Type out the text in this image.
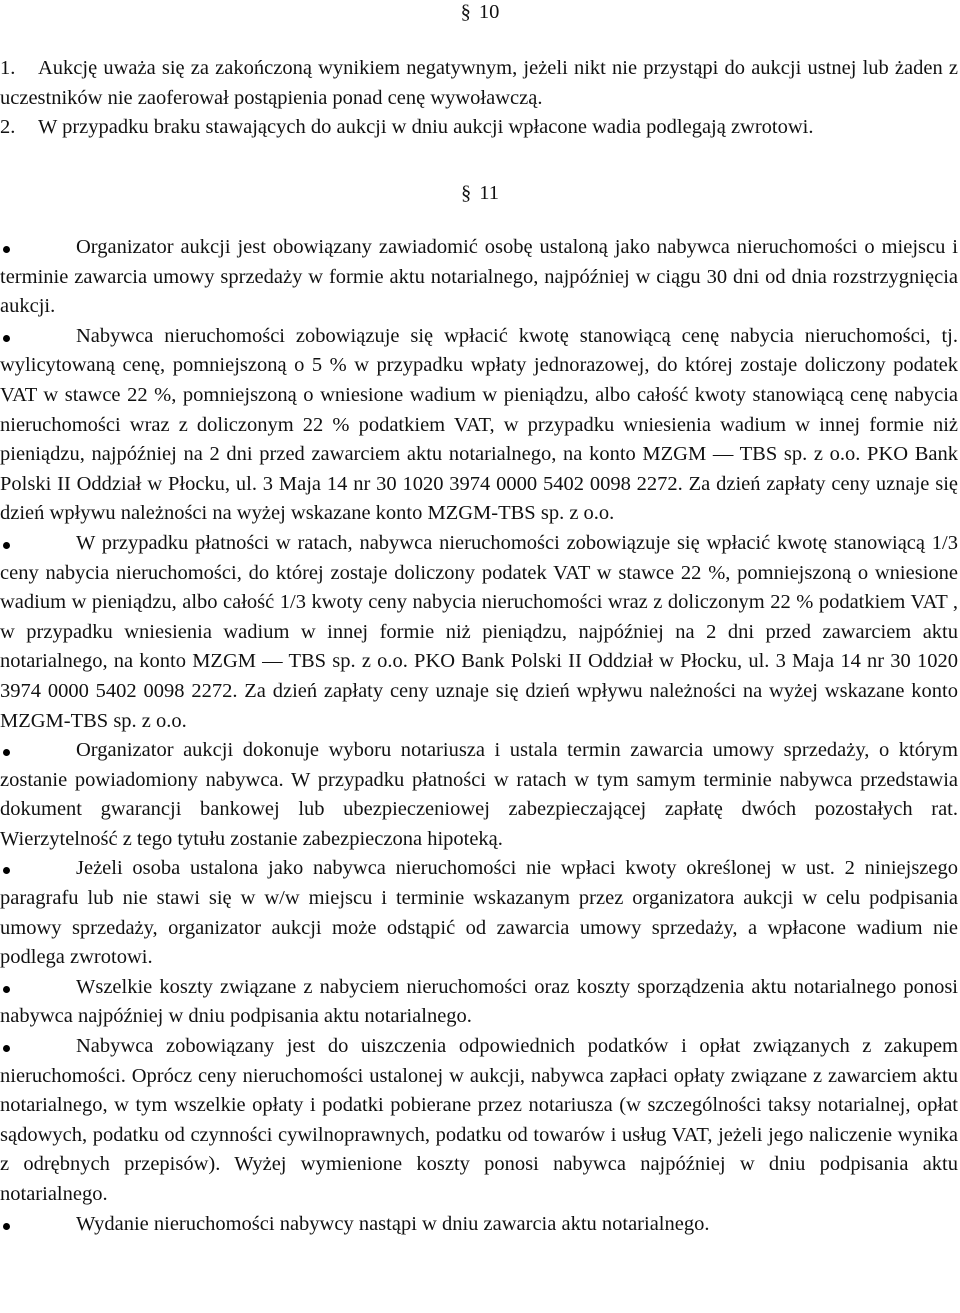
§ 10

1. Aukcję uważa się za zakończoną wynikiem negatywnym, jeżeli nikt nie przystąpi do aukcji ustnej lub żaden z uczestników nie zaoferował postąpienia ponad cenę wywoławczą.

2. W przypadku braku stawających do aukcji w dniu aukcji wpłacone wadia podlegają zwrotowi.

§ 11

Organizator aukcji jest obowiązany zawiadomić osobę ustaloną jako nabywca nieruchomości o miejscu i terminie zawarcia umowy sprzedaży w formie aktu notarialnego, najpóźniej w ciągu 30 dni od dnia rozstrzygnięcia aukcji.

Nabywca nieruchomości zobowiązuje się wpłacić kwotę stanowiącą cenę nabycia nieruchomości, tj. wylicytowaną cenę, pomniejszoną o 5 % w przypadku wpłaty jednorazowej, do której zostaje doliczony podatek VAT w stawce 22 %, pomniejszoną o wniesione wadium w pieniądzu, albo całość kwoty stanowiącą cenę nabycia nieruchomości wraz z doliczonym 22 % podatkiem VAT, w przypadku wniesienia wadium w innej formie niż pieniądzu, najpóźniej na 2 dni przed zawarciem aktu notarialnego, na konto MZGM — TBS sp. z o.o. PKO Bank Polski II Oddział w Płocku, ul. 3 Maja 14 nr 30 1020 3974 0000 5402 0098 2272. Za dzień zapłaty ceny uznaje się dzień wpływu należności na wyżej wskazane konto MZGM-TBS sp. z o.o.

W przypadku płatności w ratach, nabywca nieruchomości zobowiązuje się wpłacić kwotę stanowiącą 1/3 ceny nabycia nieruchomości, do której zostaje doliczony podatek VAT w stawce 22 %, pomniejszoną o wniesione wadium w pieniądzu, albo całość 1/3 kwoty ceny nabycia nieruchomości wraz z doliczonym 22 % podatkiem VAT , w przypadku wniesienia wadium w innej formie niż pieniądzu, najpóźniej na 2 dni przed zawarciem aktu notarialnego, na konto MZGM — TBS sp. z o.o. PKO Bank Polski II Oddział w Płocku, ul. 3 Maja 14 nr 30 1020 3974 0000 5402 0098 2272. Za dzień zapłaty ceny uznaje się dzień wpływu należności na wyżej wskazane konto MZGM-TBS sp. z o.o.

Organizator aukcji dokonuje wyboru notariusza i ustala termin zawarcia umowy sprzedaży, o którym zostanie powiadomiony nabywca. W przypadku płatności w ratach w tym samym terminie nabywca przedstawia dokument gwarancji bankowej lub ubezpieczeniowej zabezpieczającej zapłatę dwóch pozostałych rat. Wierzytelność z tego tytułu zostanie zabezpieczona hipoteką.

Jeżeli osoba ustalona jako nabywca nieruchomości nie wpłaci kwoty określonej w ust. 2 niniejszego paragrafu lub nie stawi się w w/w miejscu i terminie wskazanym przez organizatora aukcji w celu podpisania umowy sprzedaży, organizator aukcji może odstąpić od zawarcia umowy sprzedaży, a wpłacone wadium nie podlega zwrotowi.

Wszelkie koszty związane z nabyciem nieruchomości oraz koszty sporządzenia aktu notarialnego ponosi nabywca najpóźniej w dniu podpisania aktu notarialnego.

Nabywca zobowiązany jest do uiszczenia odpowiednich podatków i opłat związanych z zakupem nieruchomości. Oprócz ceny nieruchomości ustalonej w aukcji, nabywca zapłaci opłaty związane z zawarciem aktu notarialnego, w tym wszelkie opłaty i podatki pobierane przez notariusza (w szczególności taksy notarialnej, opłat sądowych, podatku od czynności cywilnoprawnych, podatku od towarów i usług VAT, jeżeli jego naliczenie wynika z odrębnych przepisów). Wyżej wymienione koszty ponosi nabywca najpóźniej w dniu podpisania aktu notarialnego.

Wydanie nieruchomości nabywcy nastąpi w dniu zawarcia aktu notarialnego.
